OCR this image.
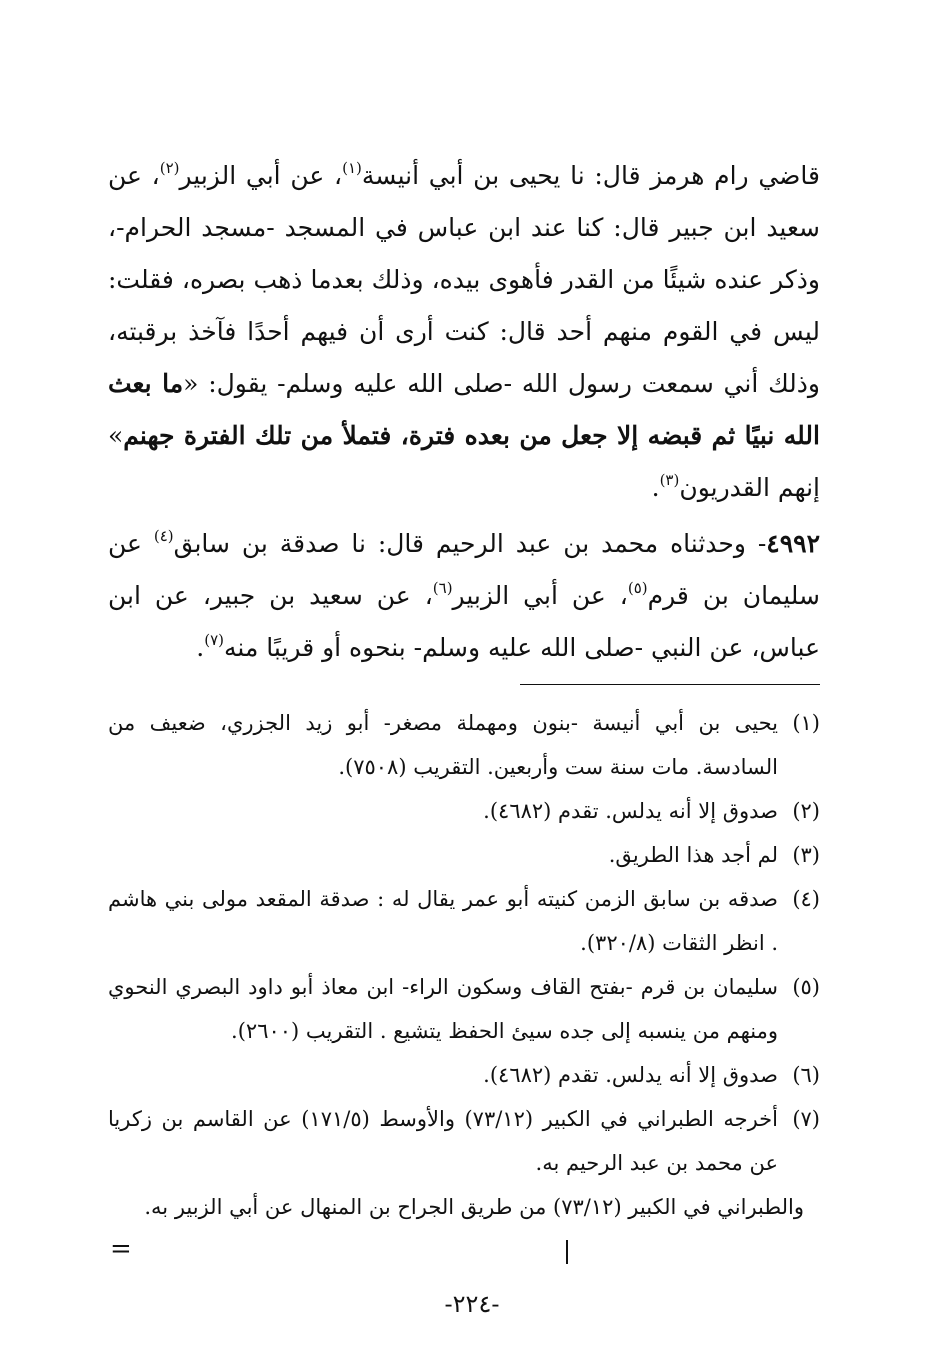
قاضي رام هرمز قال: نا يحيى بن أبي أنيسة$^{(١)}$، عن أبي الزبير$^{(٢)}$، عن سعيد ابن جبير قال: كنا عند ابن عباس في المسجد -مسجد الحرام-، وذكر عنده شيئًا من القدر فأهوى بيده، وذلك بعدما ذهب بصره، فقلت: ليس في القوم منهم أحد قال: كنت أرى أن فيهم أحدًا فآخذ برقبته، وذلك أني سمعت رسول الله -صلى الله عليه وسلم- يقول: «ما بعث الله نبيًا ثم قبضه إلا جعل من بعده فترة، فتملأ من تلك الفترة جهنم» إنهم القدريون$^{(٣)}$.

٤٩٩٢- وحدثناه محمد بن عبد الرحيم قال: نا صدقة بن سابق$^{(٤)}$ عن سليمان بن قرم$^{(٥)}$، عن أبي الزبير$^{(٦)}$، عن سعيد بن جبير، عن ابن عباس، عن النبي -صلى الله عليه وسلم- بنحوه أو قريبًا منه$^{(٧)}$.

(١)
يحيى بن أبي أنيسة -بنون ومهملة مصغر- أبو زيد الجزري، ضعيف من السادسة. مات سنة ست وأربعين. التقريب (٧٥٠٨).

(٢)
صدوق إلا أنه يدلس. تقدم (٤٦٨٢).

(٣)
لم أجد هذا الطريق.

(٤)
صدقه بن سابق الزمن كنيته أبو عمر يقال له : صدقة المقعد مولى بني هاشم . انظر الثقات (٣٢٠/٨).

(٥)
سليمان بن قرم -بفتح القاف وسكون الراء- ابن معاذ أبو داود البصري النحوي ومنهم من ينسبه إلى جده سيئ الحفظ يتشيع . التقريب (٢٦٠٠).

(٦)
صدوق إلا أنه يدلس. تقدم (٤٦٨٢).

(٧)
أخرجه الطبراني في الكبير (٧٣/١٢) والأوسط (١٧١/٥) عن القاسم بن زكريا عن محمد بن عبد الرحيم به.

والطبراني في الكبير (٧٣/١٢) من طريق الجراح بن المنهال عن أبي الزبير به.

=
-٢٢٤-
